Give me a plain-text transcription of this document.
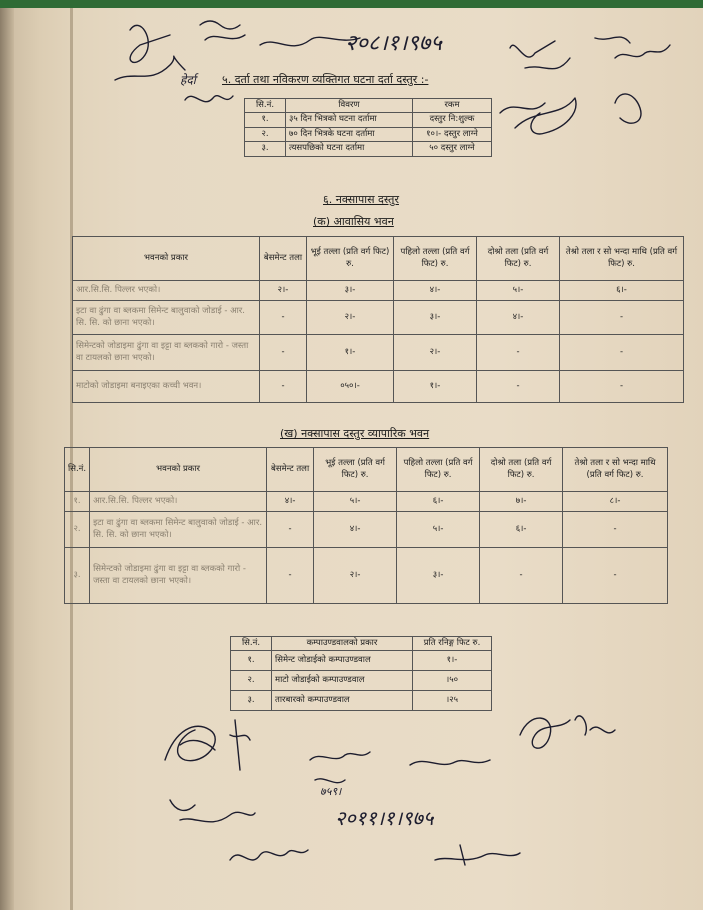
५. दर्ता तथा नविकरण व्यक्तिगत घटना दर्ता दस्तुर :-
सि.नं.	विवरण	रकम
१.	३५ दिन भित्रको घटना दर्तामा	दस्तुर नि:शुल्क
२.	७० दिन भित्रके घटना दर्तामा	१०।- दस्तुर लाग्ने
३.	त्यसपछिको घटना दर्तामा	५० दस्तुर लाग्ने
६. नक्सापास दस्तुर
(क) आवासिय भवन
भवनको प्रकार	बेसमेन्ट तला	भूई तल्ला (प्रति वर्ग फिट) रु.	पहिलो तल्ला (प्रति वर्ग फिट) रु.	दोश्रो तला (प्रति वर्ग फिट) रु.	तेश्रो तला र सो भन्दा माथि (प्रति वर्ग फिट) रु.
आर.सि.सि. पिल्लर भएको।	२।-	३।-	४।-	५।-	६।-
इटा वा ढुंगा वा ब्लकमा सिमेन्ट बालुवाको जोडाई - आर. सि. सि. को छाना भएको।	-	२।-	३।-	४।-	-
सिमेन्टको जोडाइमा ढुंगा वा इट्टा वा ब्लकको गारो - जस्ता वा टायलको छाना भएको।	-	१।-	२।-	-	-
माटोको जोडाइमा बनाइएका कच्ची भवन।	-	०५०।-	१।-	-	-
(ख) नक्सापास दस्तुर व्यापारिक भवन
सि.नं.	भवनको प्रकार	बेसमेन्ट तला	भूई तल्ला (प्रति वर्ग फिट) रु.	पहिलो तल्ला (प्रति वर्ग फिट) रु.	दोश्रो तला (प्रति वर्ग फिट) रु.	तेश्रो तला र सो भन्दा माथि (प्रति वर्ग फिट) रु.
१.	आर.सि.सि. पिल्लर भएको।	४।-	५।-	६।-	७।-	८।-
२.	इटा वा ढुंगा वा ब्लकमा सिमेन्ट बालुवाको जोडाई - आर. सि. सि. को छाना भएको।	-	४।-	५।-	६।-	-
३.	सिमेन्टको जोडाइमा ढुंगा वा इट्टा वा ब्लकको गारो - जस्ता वा टायलको छाना भएको।	-	२।-	३।-	-	-
सि.नं.	कम्पाउण्डवालको प्रकार	प्रति रनिङ्ग फिट रु.
१.	सिमेन्ट जोडाईको कम्पाउण्डवाल	१।-
२.	माटो जोडाईको कम्पाउण्डवाल	।५०
३.	तारबारको कम्पाउण्डवाल	।२५
२०८।१।९७५
हेर्दा
७५९।
२०११।१।९७५
